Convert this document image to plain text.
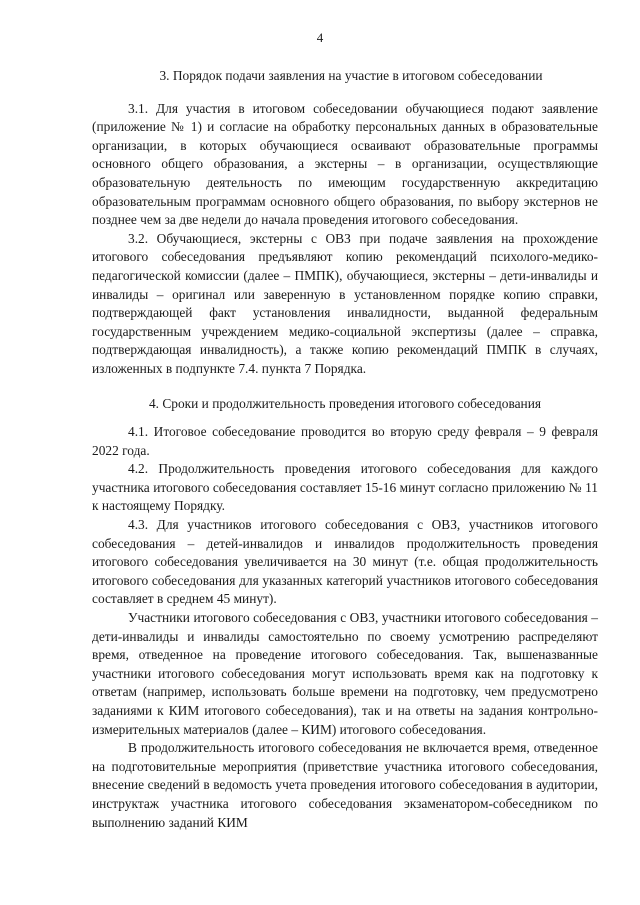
4
3. Порядок подачи заявления на участие в итоговом собеседовании

3.1. Для участия в итоговом собеседовании обучающиеся подают заявление (приложение № 1) и согласие на обработку персональных данных в образовательные организации, в которых обучающиеся осваивают образовательные программы основного общего образования, а экстерны – в организации, осуществляющие образовательную деятельность по имеющим государственную аккредитацию образовательным программам основного общего образования, по выбору экстернов не позднее чем за две недели до начала проведения итогового собеседования.

3.2. Обучающиеся, экстерны с ОВЗ при подаче заявления на прохождение итогового собеседования предъявляют копию рекомендаций психолого-медико-педагогической комиссии (далее – ПМПК), обучающиеся, экстерны – дети-инвалиды и инвалиды – оригинал или заверенную в установленном порядке копию справки, подтверждающей факт установления инвалидности, выданной федеральным государственным учреждением медико-социальной экспертизы (далее – справка, подтверждающая инвалидность), а также копию рекомендаций ПМПК в случаях, изложенных в подпункте 7.4. пункта 7 Порядка.

4. Сроки и продолжительность проведения итогового собеседования

4.1. Итоговое собеседование проводится во вторую среду февраля – 9 февраля 2022 года.

4.2. Продолжительность проведения итогового собеседования для каждого участника итогового собеседования составляет 15-16 минут согласно приложению № 11 к настоящему Порядку.

4.3. Для участников итогового собеседования с ОВЗ, участников итогового собеседования – детей-инвалидов и инвалидов продолжительность проведения итогового собеседования увеличивается на 30 минут (т.е. общая продолжительность итогового собеседования для указанных категорий участников итогового собеседования составляет в среднем 45 минут).

Участники итогового собеседования с ОВЗ, участники итогового собеседования – дети-инвалиды и инвалиды самостоятельно по своему усмотрению распределяют время, отведенное на проведение итогового собеседования. Так, вышеназванные участники итогового собеседования могут использовать время как на подготовку к ответам (например, использовать больше времени на подготовку, чем предусмотрено заданиями к КИМ итогового собеседования), так и на ответы на задания контрольно-измерительных материалов (далее – КИМ) итогового собеседования.

В продолжительность итогового собеседования не включается время, отведенное на подготовительные мероприятия (приветствие участника итогового собеседования, внесение сведений в ведомость учета проведения итогового собеседования в аудитории, инструктаж участника итогового собеседования экзаменатором-собеседником по выполнению заданий КИМ
